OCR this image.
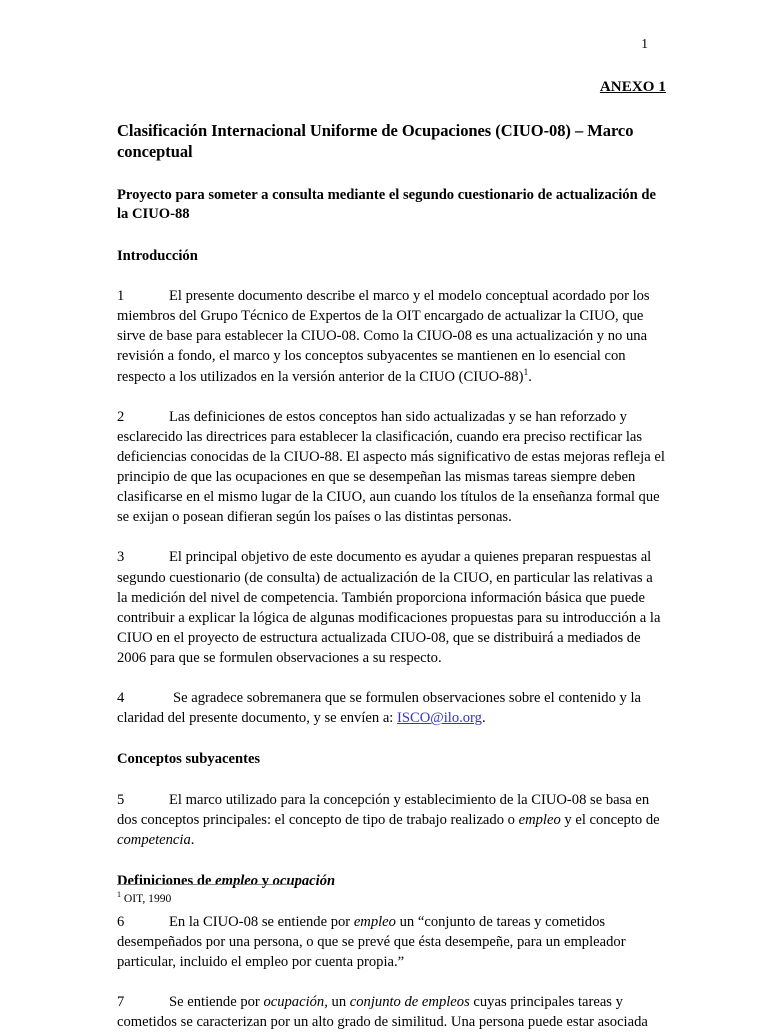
1
ANEXO 1
Clasificación Internacional Uniforme de Ocupaciones (CIUO-08) – Marco conceptual
Proyecto para someter a consulta mediante el segundo cuestionario de actualización de la CIUO-88
Introducción

1	El presente documento describe el marco y el modelo conceptual acordado por los miembros del Grupo Técnico de Expertos de la OIT encargado de actualizar la CIUO, que sirve de base para establecer la CIUO-08. Como la CIUO-08 es una actualización y no una revisión a fondo, el marco y los conceptos subyacentes se mantienen en lo esencial con respecto a los utilizados en la versión anterior de la CIUO (CIUO-88)$^1$.

2	Las definiciones de estos conceptos han sido actualizadas y se han reforzado y esclarecido las directrices para establecer la clasificación, cuando era preciso rectificar las deficiencias conocidas de la CIUO-88. El aspecto más significativo de estas mejoras refleja el principio de que las ocupaciones en que se desempeñan las mismas tareas siempre deben clasificarse en el mismo lugar de la CIUO, aun cuando los títulos de la enseñanza formal que se exijan o posean difieran según los países o las distintas personas.

3	El principal objetivo de este documento es ayudar a quienes preparan respuestas al segundo cuestionario (de consulta) de actualización de la CIUO, en particular las relativas a la medición del nivel de competencia. También proporciona información básica que puede contribuir a explicar la lógica de algunas modificaciones propuestas para su introducción a la CIUO en el proyecto de estructura actualizada CIUO-08, que se distribuirá a mediados de 2006 para que se formulen observaciones a su respecto.

4	Se agradece sobremanera que se formulen observaciones sobre el contenido y la claridad del presente documento, y se envíen a: ISCO@ilo.org.

Conceptos subyacentes

5	El marco utilizado para la concepción y establecimiento de la CIUO-08 se basa en dos conceptos principales: el concepto de tipo de trabajo realizado o empleo y el concepto de competencia.

Definiciones de empleo y ocupación

6	En la CIUO-08 se entiende por empleo un “conjunto de tareas y cometidos desempeñados por una persona, o que se prevé que ésta desempeñe, para un empleador particular, incluido el empleo por cuenta propia.”

7	Se entiende por ocupación, un conjunto de empleos cuyas principales tareas y cometidos se caracterizan por un alto grado de similitud. Una persona puede estar asociada

$^1$ OIT, 1990
